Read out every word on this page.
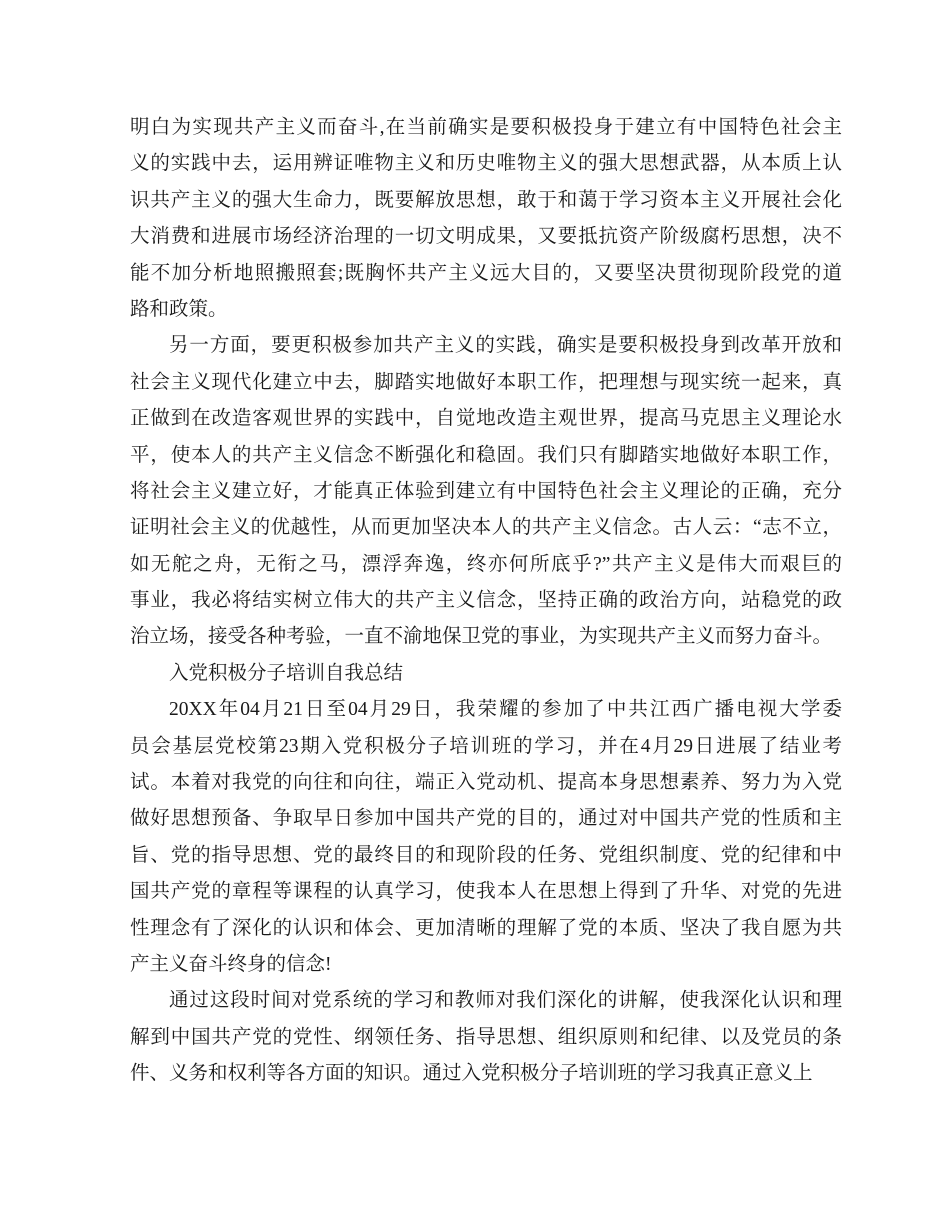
明白为实现共产主义而奋斗,在当前确实是要积极投身于建立有中国特色社会主
义的实践中去，运用辨证唯物主义和历史唯物主义的强大思想武器，从本质上认
识共产主义的强大生命力，既要解放思想，敢于和蔼于学习资本主义开展社会化
大消费和进展市场经济治理的一切文明成果，又要抵抗资产阶级腐朽思想，决不
能不加分析地照搬照套;既胸怀共产主义远大目的，又要坚决贯彻现阶段党的道
路和政策。
另一方面，要更积极参加共产主义的实践，确实是要积极投身到改革开放和
社会主义现代化建立中去，脚踏实地做好本职工作，把理想与现实统一起来，真
正做到在改造客观世界的实践中，自觉地改造主观世界，提高马克思主义理论水
平，使本人的共产主义信念不断强化和稳固。我们只有脚踏实地做好本职工作，
将社会主义建立好，才能真正体验到建立有中国特色社会主义理论的正确，充分
证明社会主义的优越性，从而更加坚决本人的共产主义信念。古人云：“志不立，
如无舵之舟，无衔之马，漂浮奔逸，终亦何所底乎?”共产主义是伟大而艰巨的
事业，我必将结实树立伟大的共产主义信念，坚持正确的政治方向，站稳党的政
治立场，接受各种考验，一直不渝地保卫党的事业，为实现共产主义而努力奋斗。
入党积极分子培训自我总结
20XX年04月21日至04月29日，我荣耀的参加了中共江西广播电视大学委
员会基层党校第23期入党积极分子培训班的学习，并在4月29日进展了结业考
试。本着对我党的向往和向往，端正入党动机、提高本身思想素养、努力为入党
做好思想预备、争取早日参加中国共产党的目的，通过对中国共产党的性质和主
旨、党的指导思想、党的最终目的和现阶段的任务、党组织制度、党的纪律和中
国共产党的章程等课程的认真学习，使我本人在思想上得到了升华、对党的先进
性理念有了深化的认识和体会、更加清晰的理解了党的本质、坚决了我自愿为共
产主义奋斗终身的信念!
通过这段时间对党系统的学习和教师对我们深化的讲解，使我深化认识和理
解到中国共产党的党性、纲领任务、指导思想、组织原则和纪律、以及党员的条
件、义务和权利等各方面的知识。通过入党积极分子培训班的学习我真正意义上
